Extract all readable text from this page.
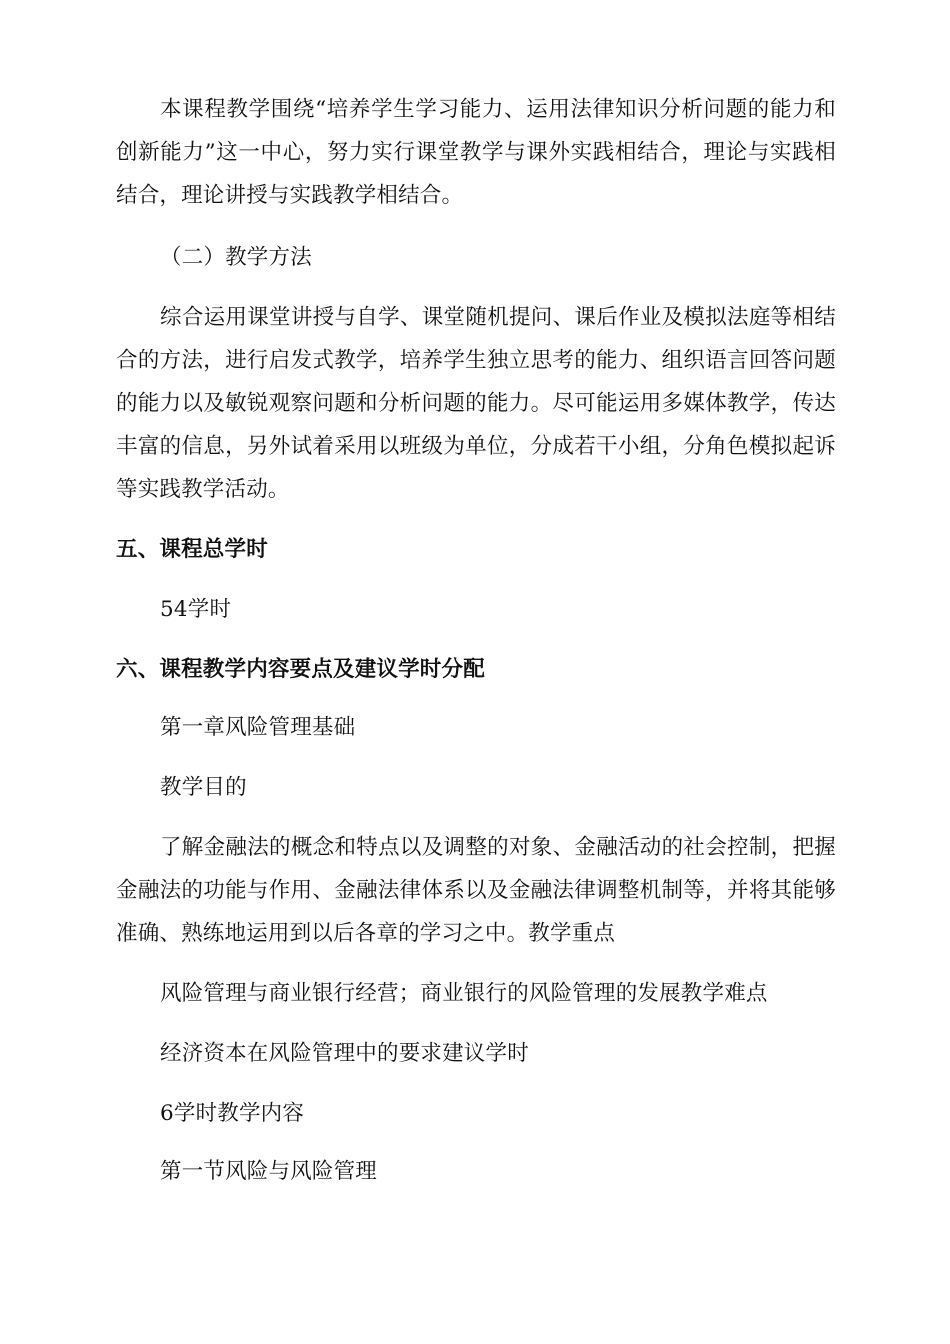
本课程教学围绕“培养学生学习能力、运用法律知识分析问题的能力和创新能力”这一中心，努力实行课堂教学与课外实践相结合，理论与实践相结合，理论讲授与实践教学相结合。

（二）教学方法

综合运用课堂讲授与自学、课堂随机提问、课后作业及模拟法庭等相结合的方法，进行启发式教学，培养学生独立思考的能力、组织语言回答问题的能力以及敏锐观察问题和分析问题的能力。尽可能运用多媒体教学，传达丰富的信息，另外试着采用以班级为单位，分成若干小组，分角色模拟起诉等实践教学活动。

五、课程总学时

54学时

六、课程教学内容要点及建议学时分配

第一章风险管理基础

教学目的

了解金融法的概念和特点以及调整的对象、金融活动的社会控制，把握金融法的功能与作用、金融法律体系以及金融法律调整机制等，并将其能够准确、熟练地运用到以后各章的学习之中。教学重点

风险管理与商业银行经营；商业银行的风险管理的发展教学难点

经济资本在风险管理中的要求建议学时

6学时教学内容

第一节风险与风险管理
